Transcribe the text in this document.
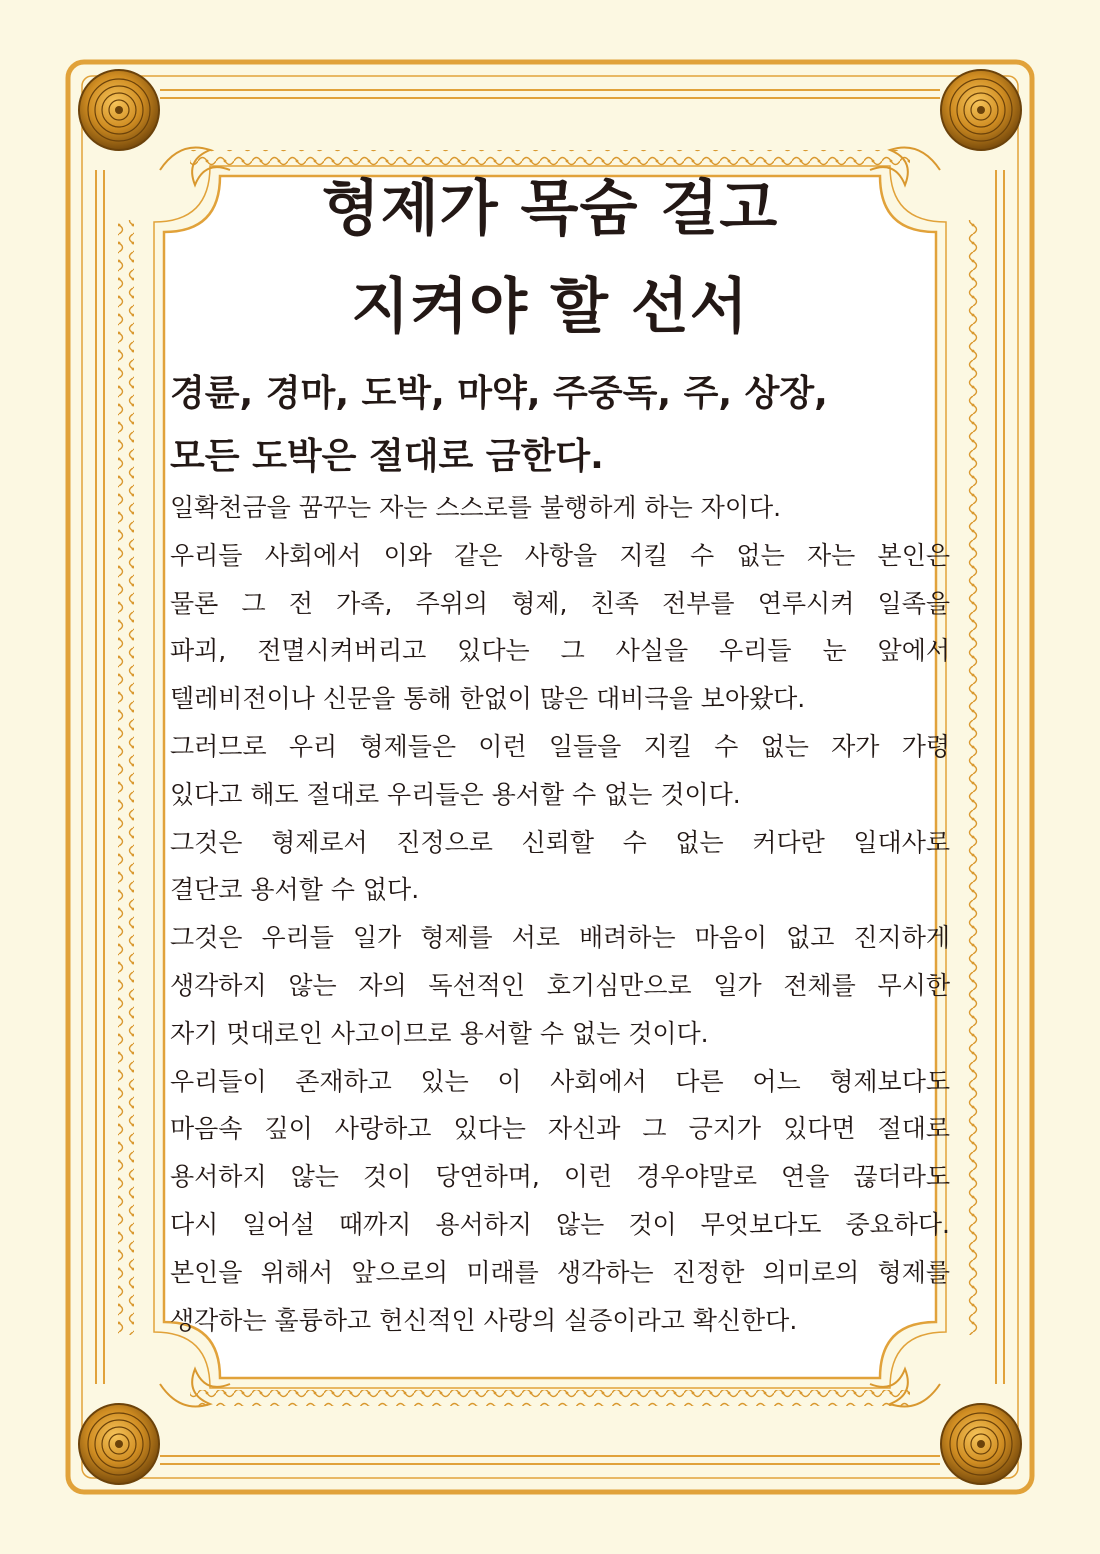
형제가 목숨 걸고
지켜야 할 선서
경륜, 경마, 도박, 마약, 주중독, 주, 상장,
모든 도박은 절대로 금한다.
일확천금을 꿈꾸는 자는 스스로를 불행하게 하는 자이다.
우리들 사회에서 이와 같은 사항을 지킬 수 없는 자는 본인은
물론 그 전 가족, 주위의 형제, 친족 전부를 연루시켜 일족을
파괴, 전멸시켜버리고 있다는 그 사실을 우리들 눈 앞에서
텔레비전이나 신문을 통해 한없이 많은 대비극을 보아왔다.
그러므로 우리 형제들은 이런 일들을 지킬 수 없는 자가 가령
있다고 해도 절대로 우리들은 용서할 수 없는 것이다.
그것은 형제로서 진정으로 신뢰할 수 없는 커다란 일대사로
결단코 용서할 수 없다.
그것은 우리들 일가 형제를 서로 배려하는 마음이 없고 진지하게
생각하지 않는 자의 독선적인 호기심만으로 일가 전체를 무시한
자기 멋대로인 사고이므로 용서할 수 없는 것이다.
우리들이 존재하고 있는 이 사회에서 다른 어느 형제보다도
마음속 깊이 사랑하고 있다는 자신과 그 긍지가 있다면 절대로
용서하지 않는 것이 당연하며, 이런 경우야말로 연을 끊더라도
다시 일어설 때까지 용서하지 않는 것이 무엇보다도 중요하다.
본인을 위해서 앞으로의 미래를 생각하는 진정한 의미로의 형제를
생각하는 훌륭하고 헌신적인 사랑의 실증이라고 확신한다.
